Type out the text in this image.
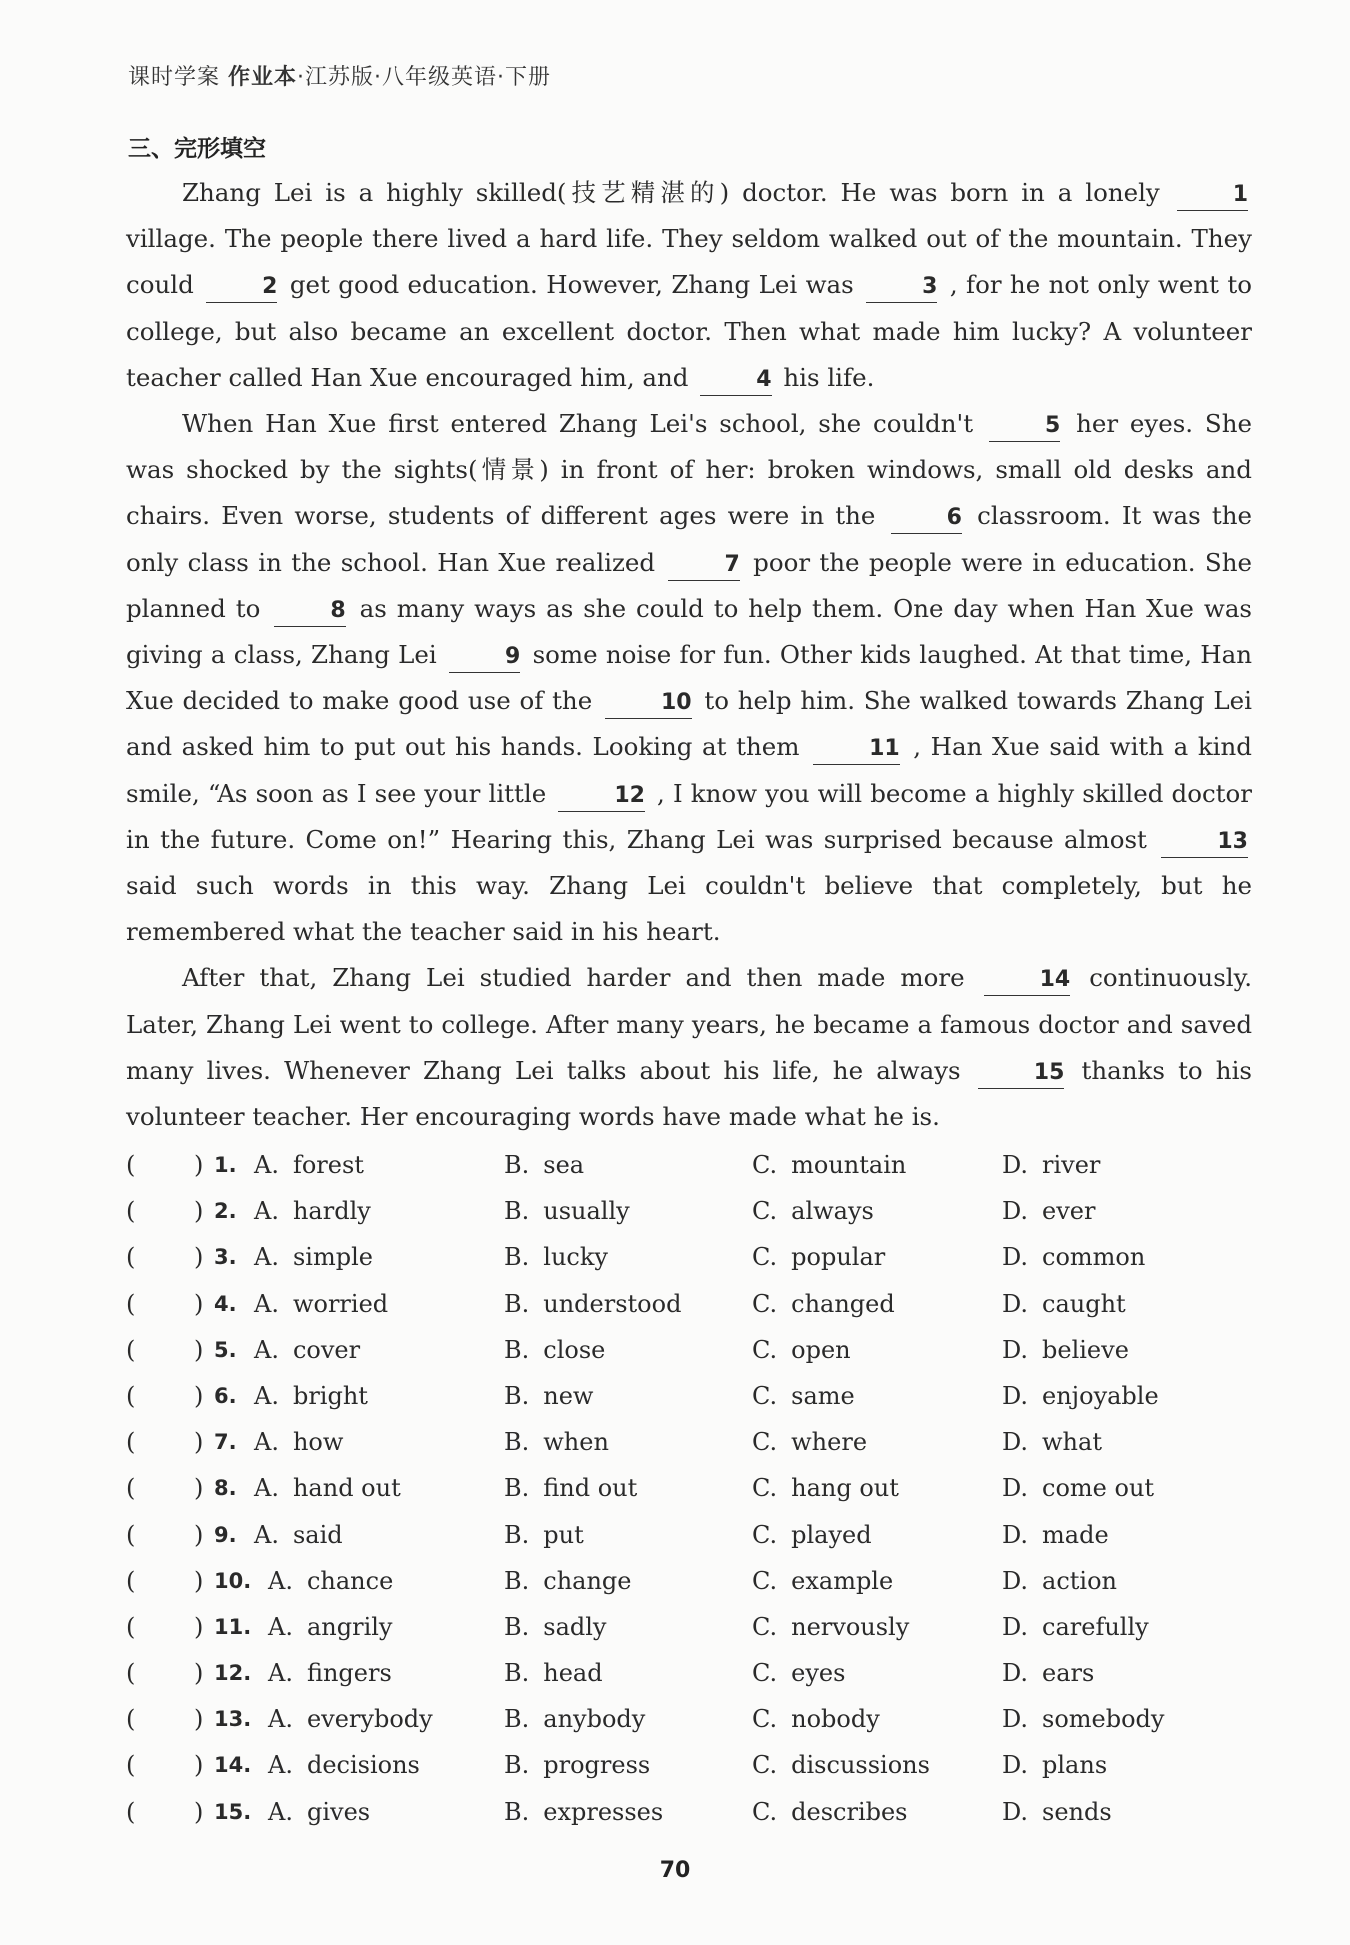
课时学案 作业本·江苏版·八年级英语·下册
三、完形填空

Zhang Lei is a highly skilled(技艺精湛的) doctor. He was born in a lonely	1 village. The people there lived a hard life. They seldom walked out of the mountain. They could	2 get good education. However, Zhang Lei was	3 , for he not only went to college, but also became an excellent doctor. Then what made him lucky? A volunteer teacher called Han Xue encouraged him, and	4 his life.

When Han Xue first entered Zhang Lei's school, she couldn't	5 her eyes. She was shocked by the sights(情景) in front of her: broken windows, small old desks and chairs. Even worse, students of different ages were in the	6 classroom. It was the only class in the school. Han Xue realized	7 poor the people were in education. She planned to	8 as many ways as she could to help them. One day when Han Xue was giving a class, Zhang Lei	9 some noise for fun. Other kids laughed. At that time, Han Xue decided to make good use of the	10 to help him. She walked towards Zhang Lei and asked him to put out his hands. Looking at them	11 , Han Xue said with a kind smile, “As soon as I see your little	12 , I know you will become a highly skilled doctor in the future. Come on!” Hearing this, Zhang Lei was surprised because almost	13 said such words in this way. Zhang Lei couldn't believe that completely, but he remembered what the teacher said in his heart.

After that, Zhang Lei studied harder and then made more	14 continuously. Later, Zhang Lei went to college. After many years, he became a famous doctor and saved many lives. Whenever Zhang Lei talks about his life, he always	15 thanks to his volunteer teacher. Her encouraging words have made what he is.

( ) 1. A. forest	B. sea	C. mountain	D. river
( ) 2. A. hardly	B. usually	C. always	D. ever
( ) 3. A. simple	B. lucky	C. popular	D. common
( ) 4. A. worried	B. understood	C. changed	D. caught
( ) 5. A. cover	B. close	C. open	D. believe
( ) 6. A. bright	B. new	C. same	D. enjoyable
( ) 7. A. how	B. when	C. where	D. what
( ) 8. A. hand out	B. find out	C. hang out	D. come out
( ) 9. A. said	B. put	C. played	D. made
( ) 10. A. chance	B. change	C. example	D. action
( ) 11. A. angrily	B. sadly	C. nervously	D. carefully
( ) 12. A. fingers	B. head	C. eyes	D. ears
( ) 13. A. everybody	B. anybody	C. nobody	D. somebody
( ) 14. A. decisions	B. progress	C. discussions	D. plans
( ) 15. A. gives	B. expresses	C. describes	D. sends
70
